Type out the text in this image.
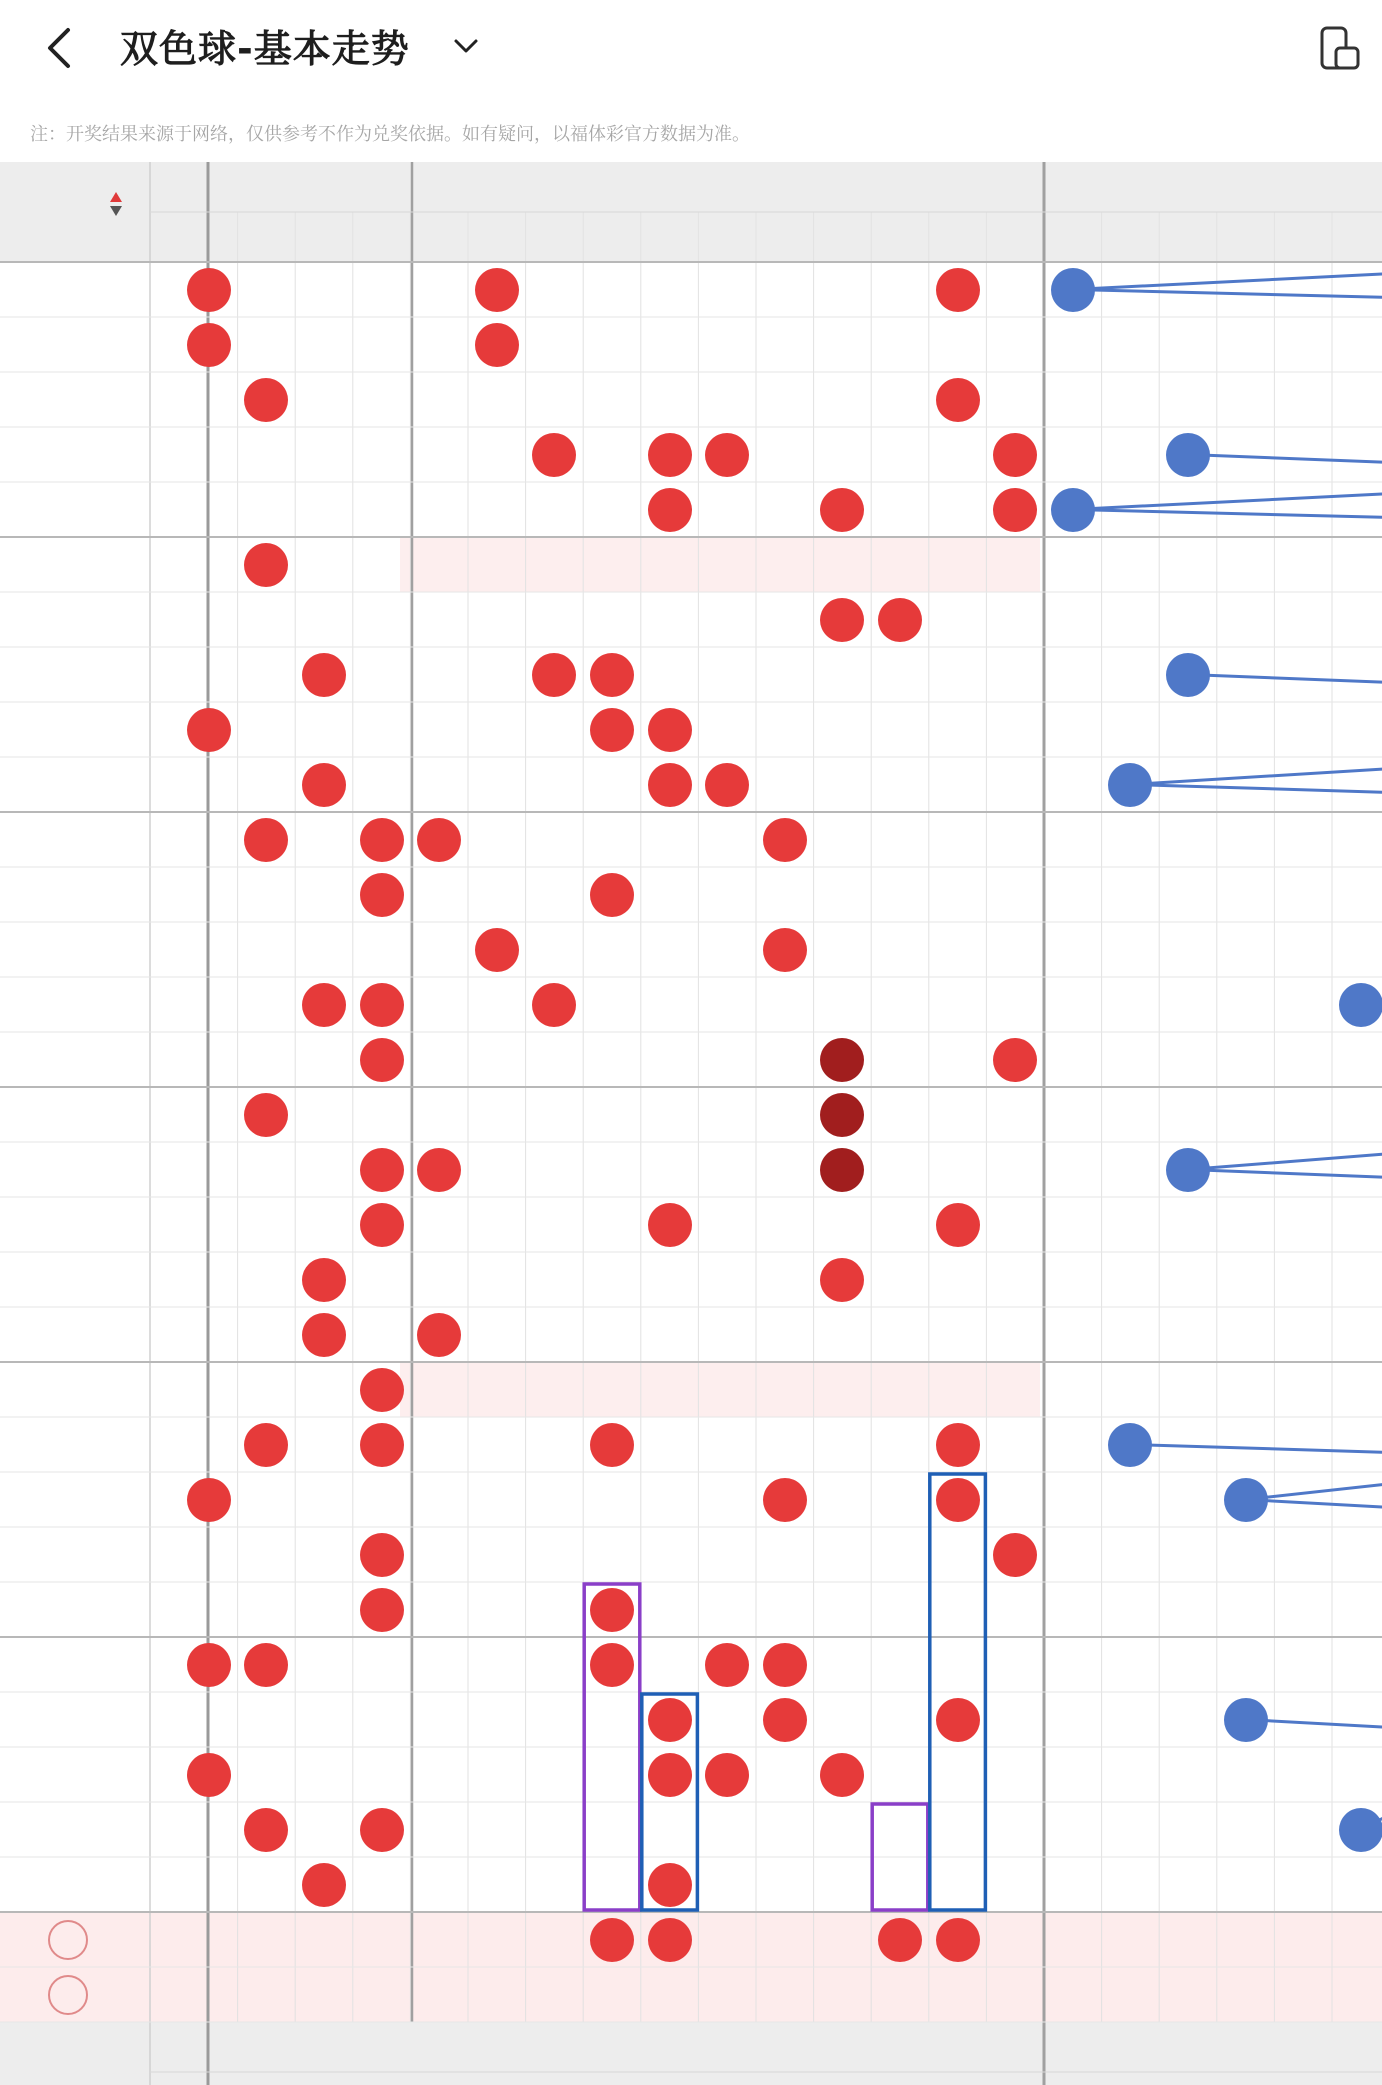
双色球-基本走势
注：开奖结果来源于网络，仅供参考不作为兑奖依据。如有疑问，以福体彩官方数据为准。
